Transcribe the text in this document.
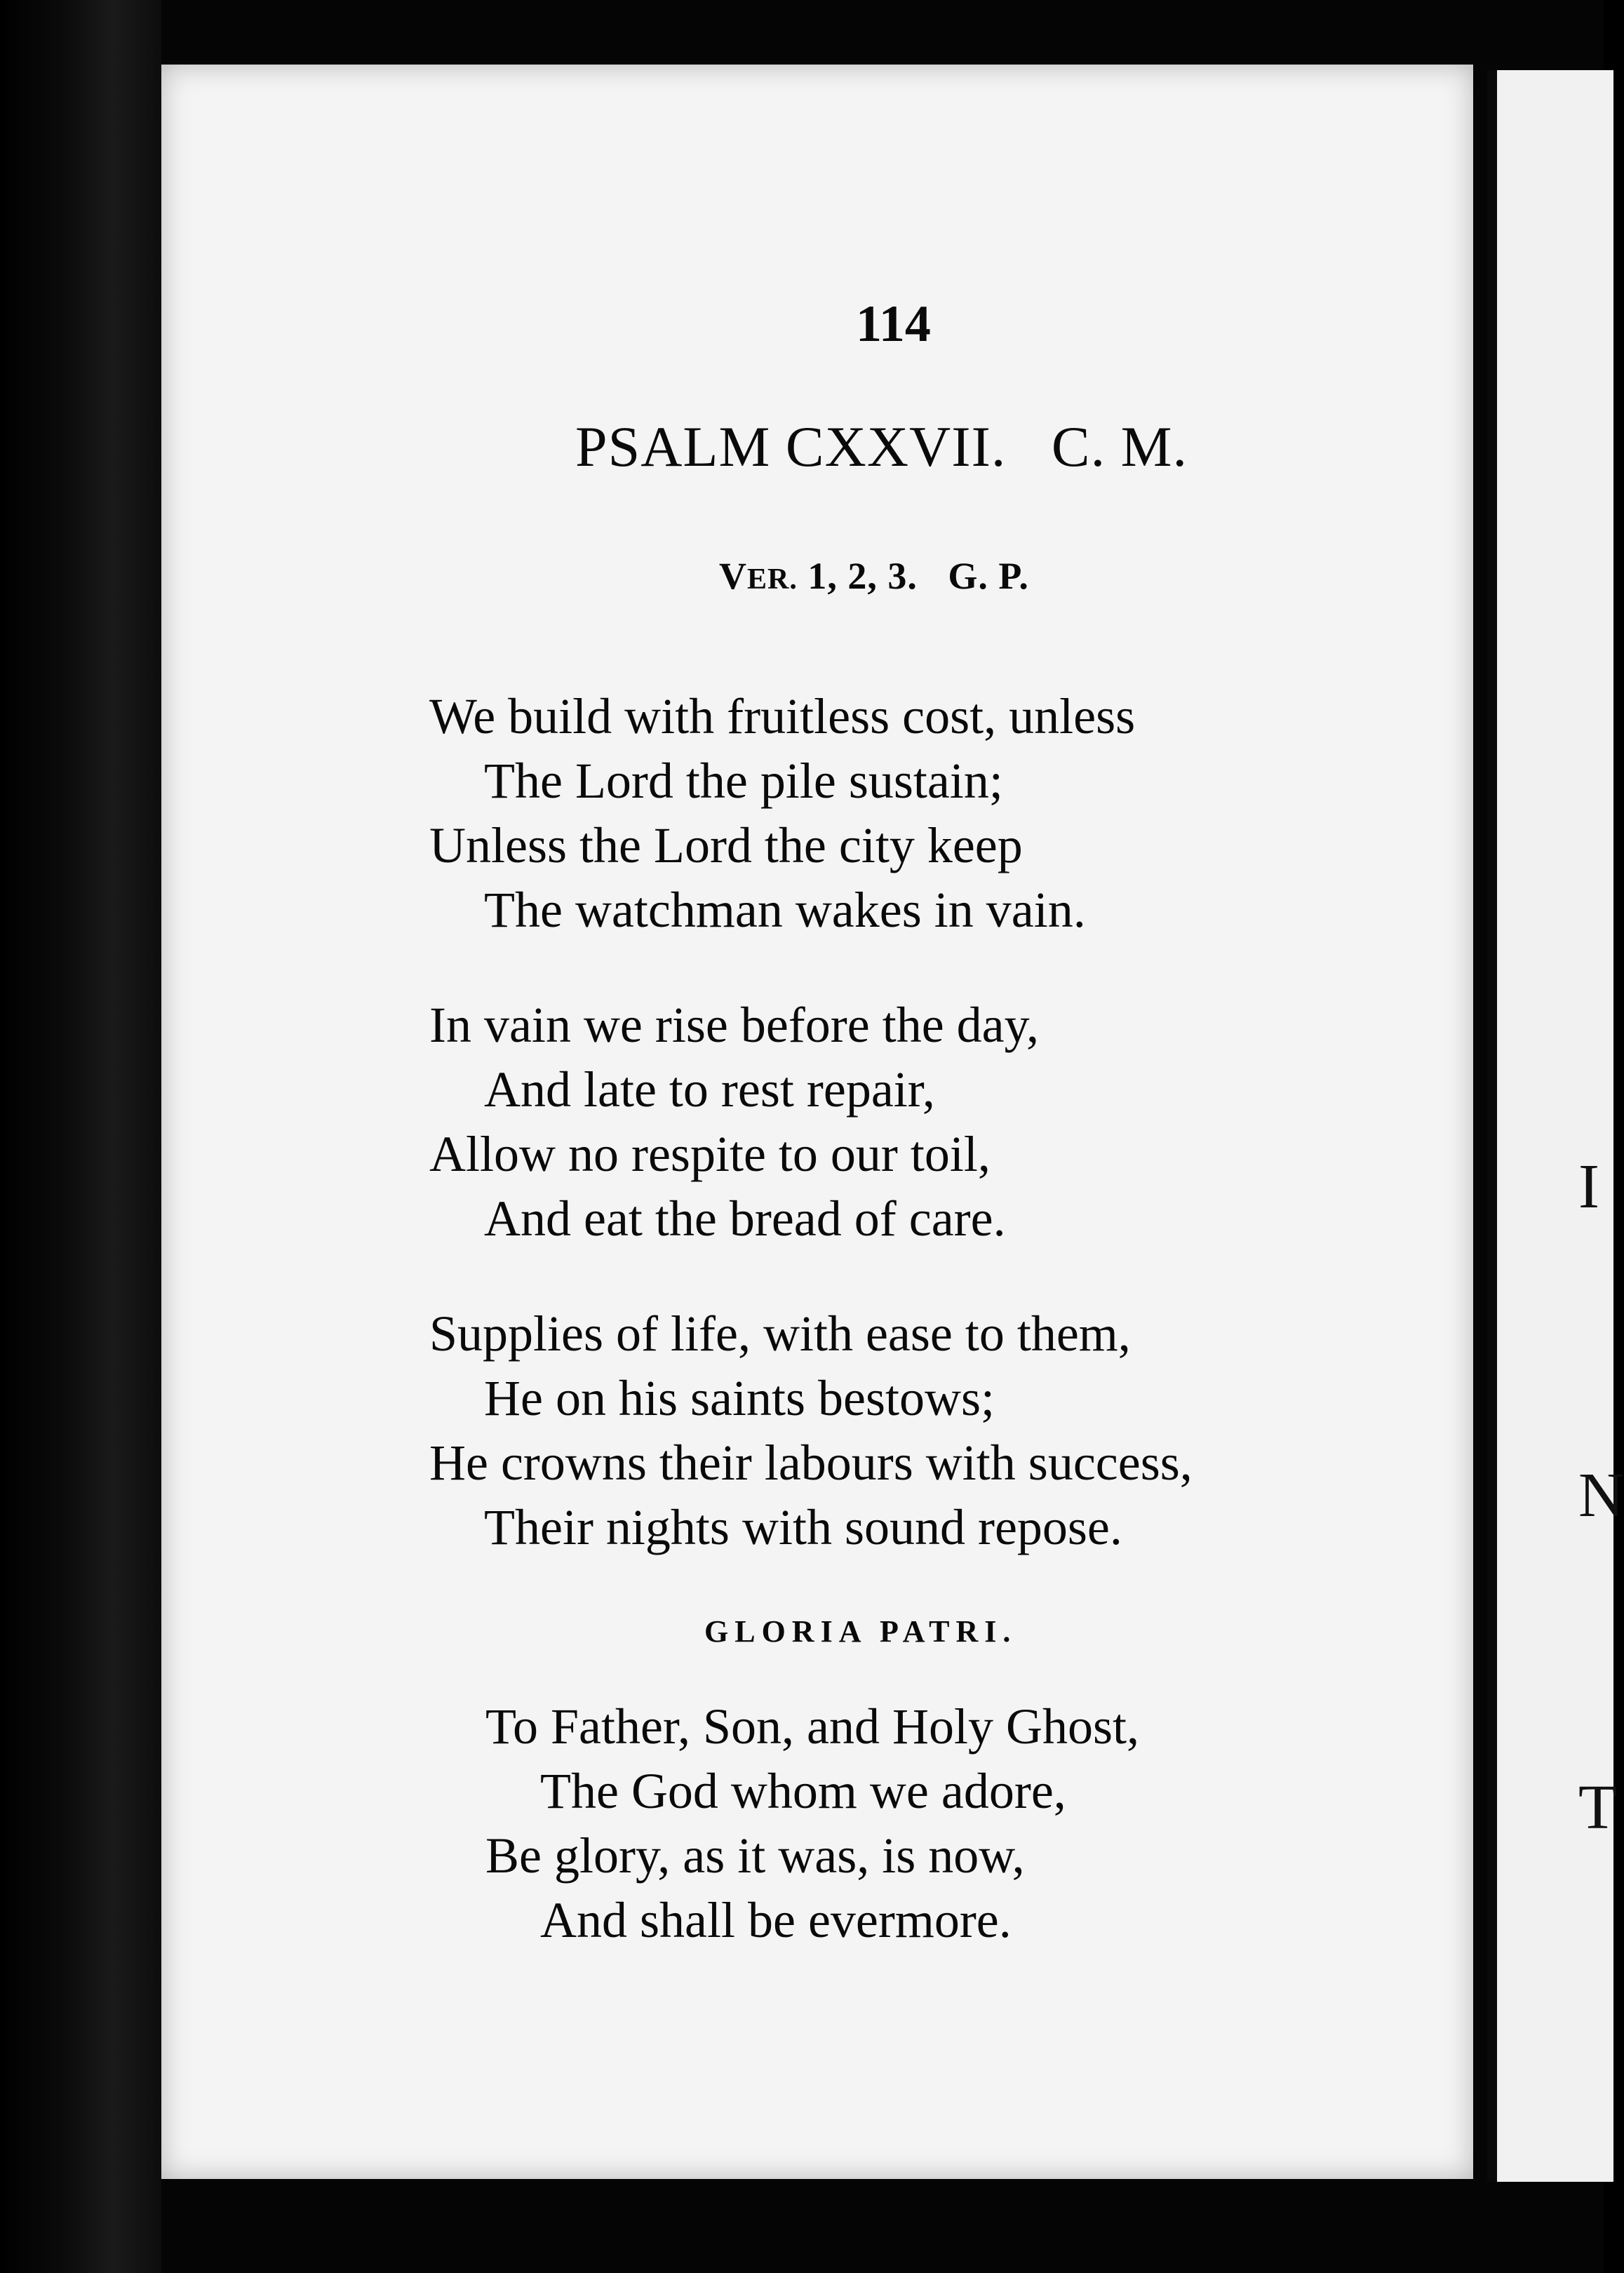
I
N
T
114
PSALM CXXVII.   C. M.
VER. 1, 2, 3.   G. P.
We build with fruitless cost, unless
The Lord the pile sustain;
Unless the Lord the city keep
The watchman wakes in vain.
In vain we rise before the day,
And late to rest repair,
Allow no respite to our toil,
And eat the bread of care.
Supplies of life, with ease to them,
He on his saints bestows;
He crowns their labours with success,
Their nights with sound repose.
GLORIA PATRI.
To Father, Son, and Holy Ghost,
The God whom we adore,
Be glory, as it was, is now,
And shall be evermore.
